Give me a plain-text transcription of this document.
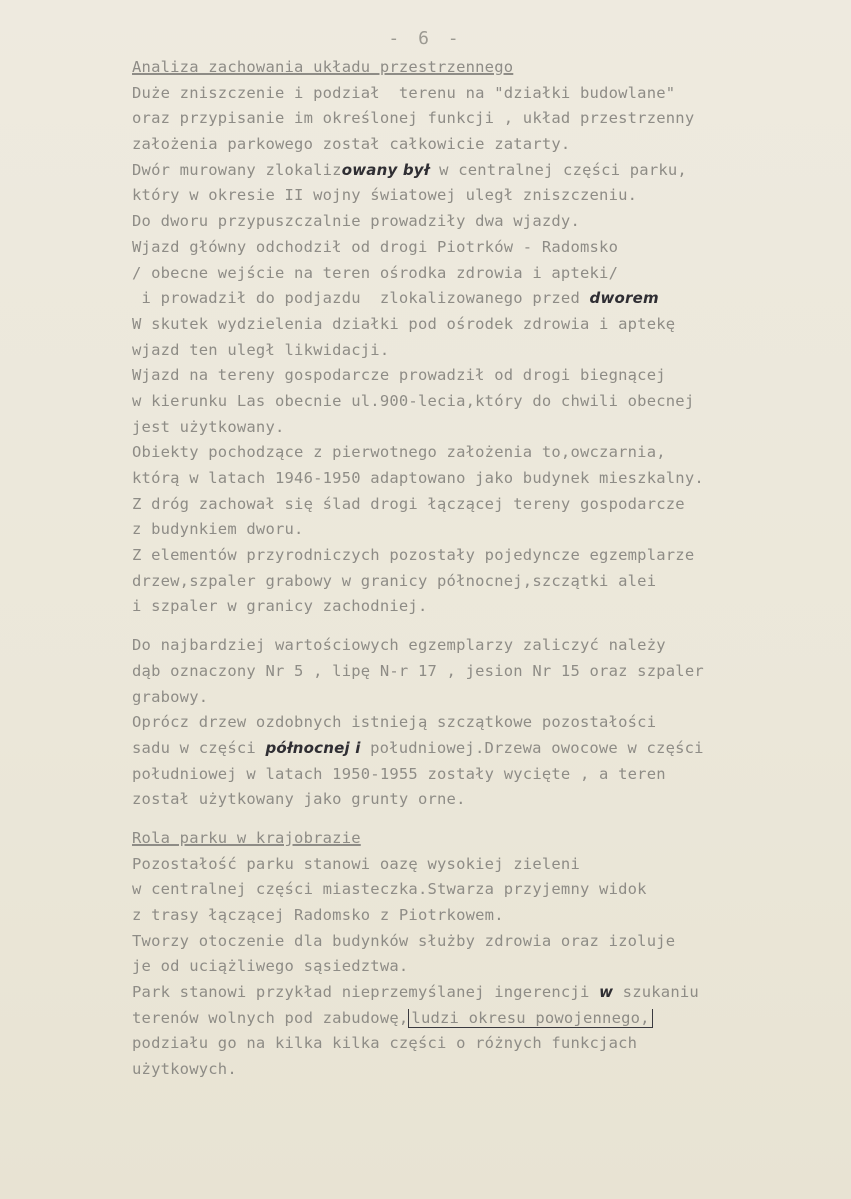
- 6 -
Analiza zachowania układu przestrzennego
Duże zniszczenie i podział  terenu na "działki budowlane"
oraz przypisanie im określonej funkcji , układ przestrzenny
założenia parkowego został całkowicie zatarty.
Dwór murowany zlokalizowany był w centralnej części parku,
który w okresie II wojny światowej uległ zniszczeniu.
Do dworu przypuszczalnie prowadziły dwa wjazdy.
Wjazd główny odchodził od drogi Piotrków - Radomsko
/ obecne wejście na teren ośrodka zdrowia i apteki/
i prowadził do podjazdu  zlokalizowanego przed dworem
W skutek wydzielenia działki pod ośrodek zdrowia i aptekę
wjazd ten uległ likwidacji.
Wjazd na tereny gospodarcze prowadził od drogi biegnącej
w kierunku Las obecnie ul.900-lecia,który do chwili obecnej
jest użytkowany.
Obiekty pochodzące z pierwotnego założenia to,owczarnia,
którą w latach 1946-1950 adaptowano jako budynek mieszkalny.
Z dróg zachował się ślad drogi łączącej tereny gospodarcze
z budynkiem dworu.
Z elementów przyrodniczych pozostały pojedyncze egzemplarze
drzew,szpaler grabowy w granicy północnej,szczątki alei
i szpaler w granicy zachodniej.
Do najbardziej wartościowych egzemplarzy zaliczyć należy
dąb oznaczony Nr 5 , lipę N-r 17 , jesion Nr 15 oraz szpaler
grabowy.
Oprócz drzew ozdobnych istnieją szczątkowe pozostałości
sadu w części północnej i południowej.Drzewa owocowe w części
południowej w latach 1950-1955 zostały wycięte , a teren
został użytkowany jako grunty orne.
Rola parku w krajobrazie
Pozostałość parku stanowi oazę wysokiej zieleni
w centralnej części miasteczka.Stwarza przyjemny widok
z trasy łączącej Radomsko z Piotrkowem.
Tworzy otoczenie dla budynków służby zdrowia oraz izoluje
je od uciążliwego sąsiedztwa.
Park stanowi przykład nieprzemyślanej ingerencji w szukaniu
terenów wolnych pod zabudowę, ludzi okresu powojennego,
podziału go na kilka kilka części o różnych funkcjach
użytkowych.
